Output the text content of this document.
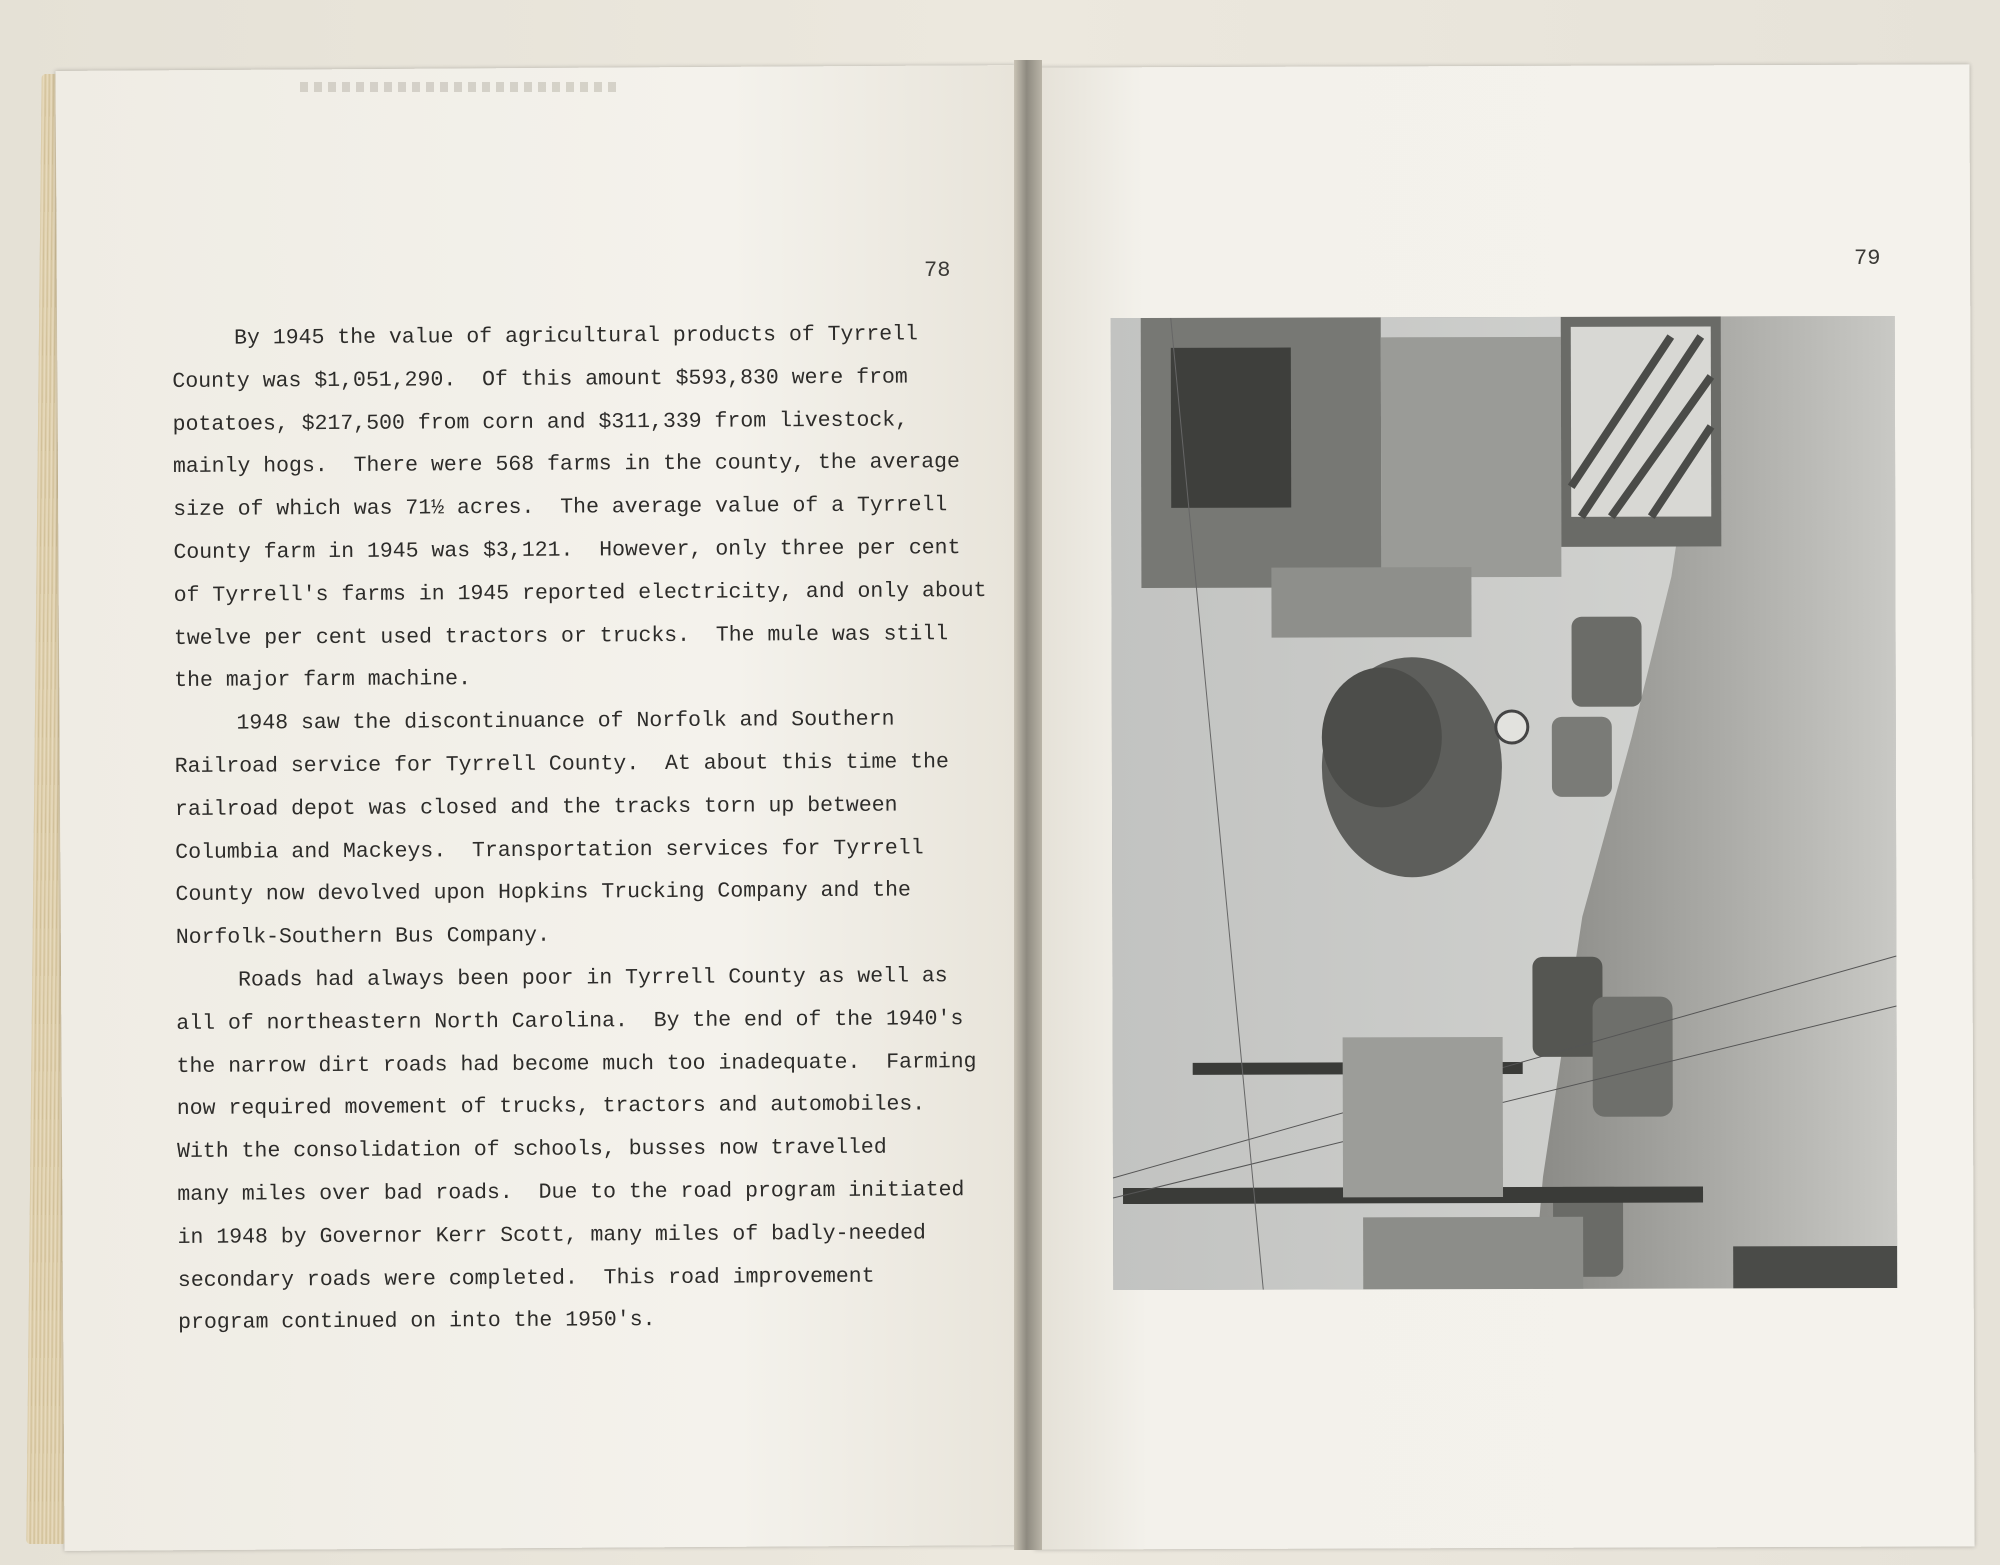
78	79

By 1945 the value of agricultural products of Tyrrell
County was $1,051,290.  Of this amount $593,830 were from
potatoes, $217,500 from corn and $311,339 from livestock,
mainly hogs.  There were 568 farms in the county, the average
size of which was 71½ acres.  The average value of a Tyrrell
County farm in 1945 was $3,121.  However, only three per cent
of Tyrrell's farms in 1945 reported electricity, and only about
twelve per cent used tractors or trucks.  The mule was still
the major farm machine.

1948 saw the discontinuance of Norfolk and Southern
Railroad service for Tyrrell County.  At about this time the
railroad depot was closed and the tracks torn up between
Columbia and Mackeys.  Transportation services for Tyrrell
County now devolved upon Hopkins Trucking Company and the
Norfolk-Southern Bus Company.

Roads had always been poor in Tyrrell County as well as
all of northeastern North Carolina.  By the end of the 1940's
the narrow dirt roads had become much too inadequate.  Farming
now required movement of trucks, tractors and automobiles.
With the consolidation of schools, busses now travelled
many miles over bad roads.  Due to the road program initiated
in 1948 by Governor Kerr Scott, many miles of badly-needed
secondary roads were completed.  This road improvement
program continued on into the 1950's.
